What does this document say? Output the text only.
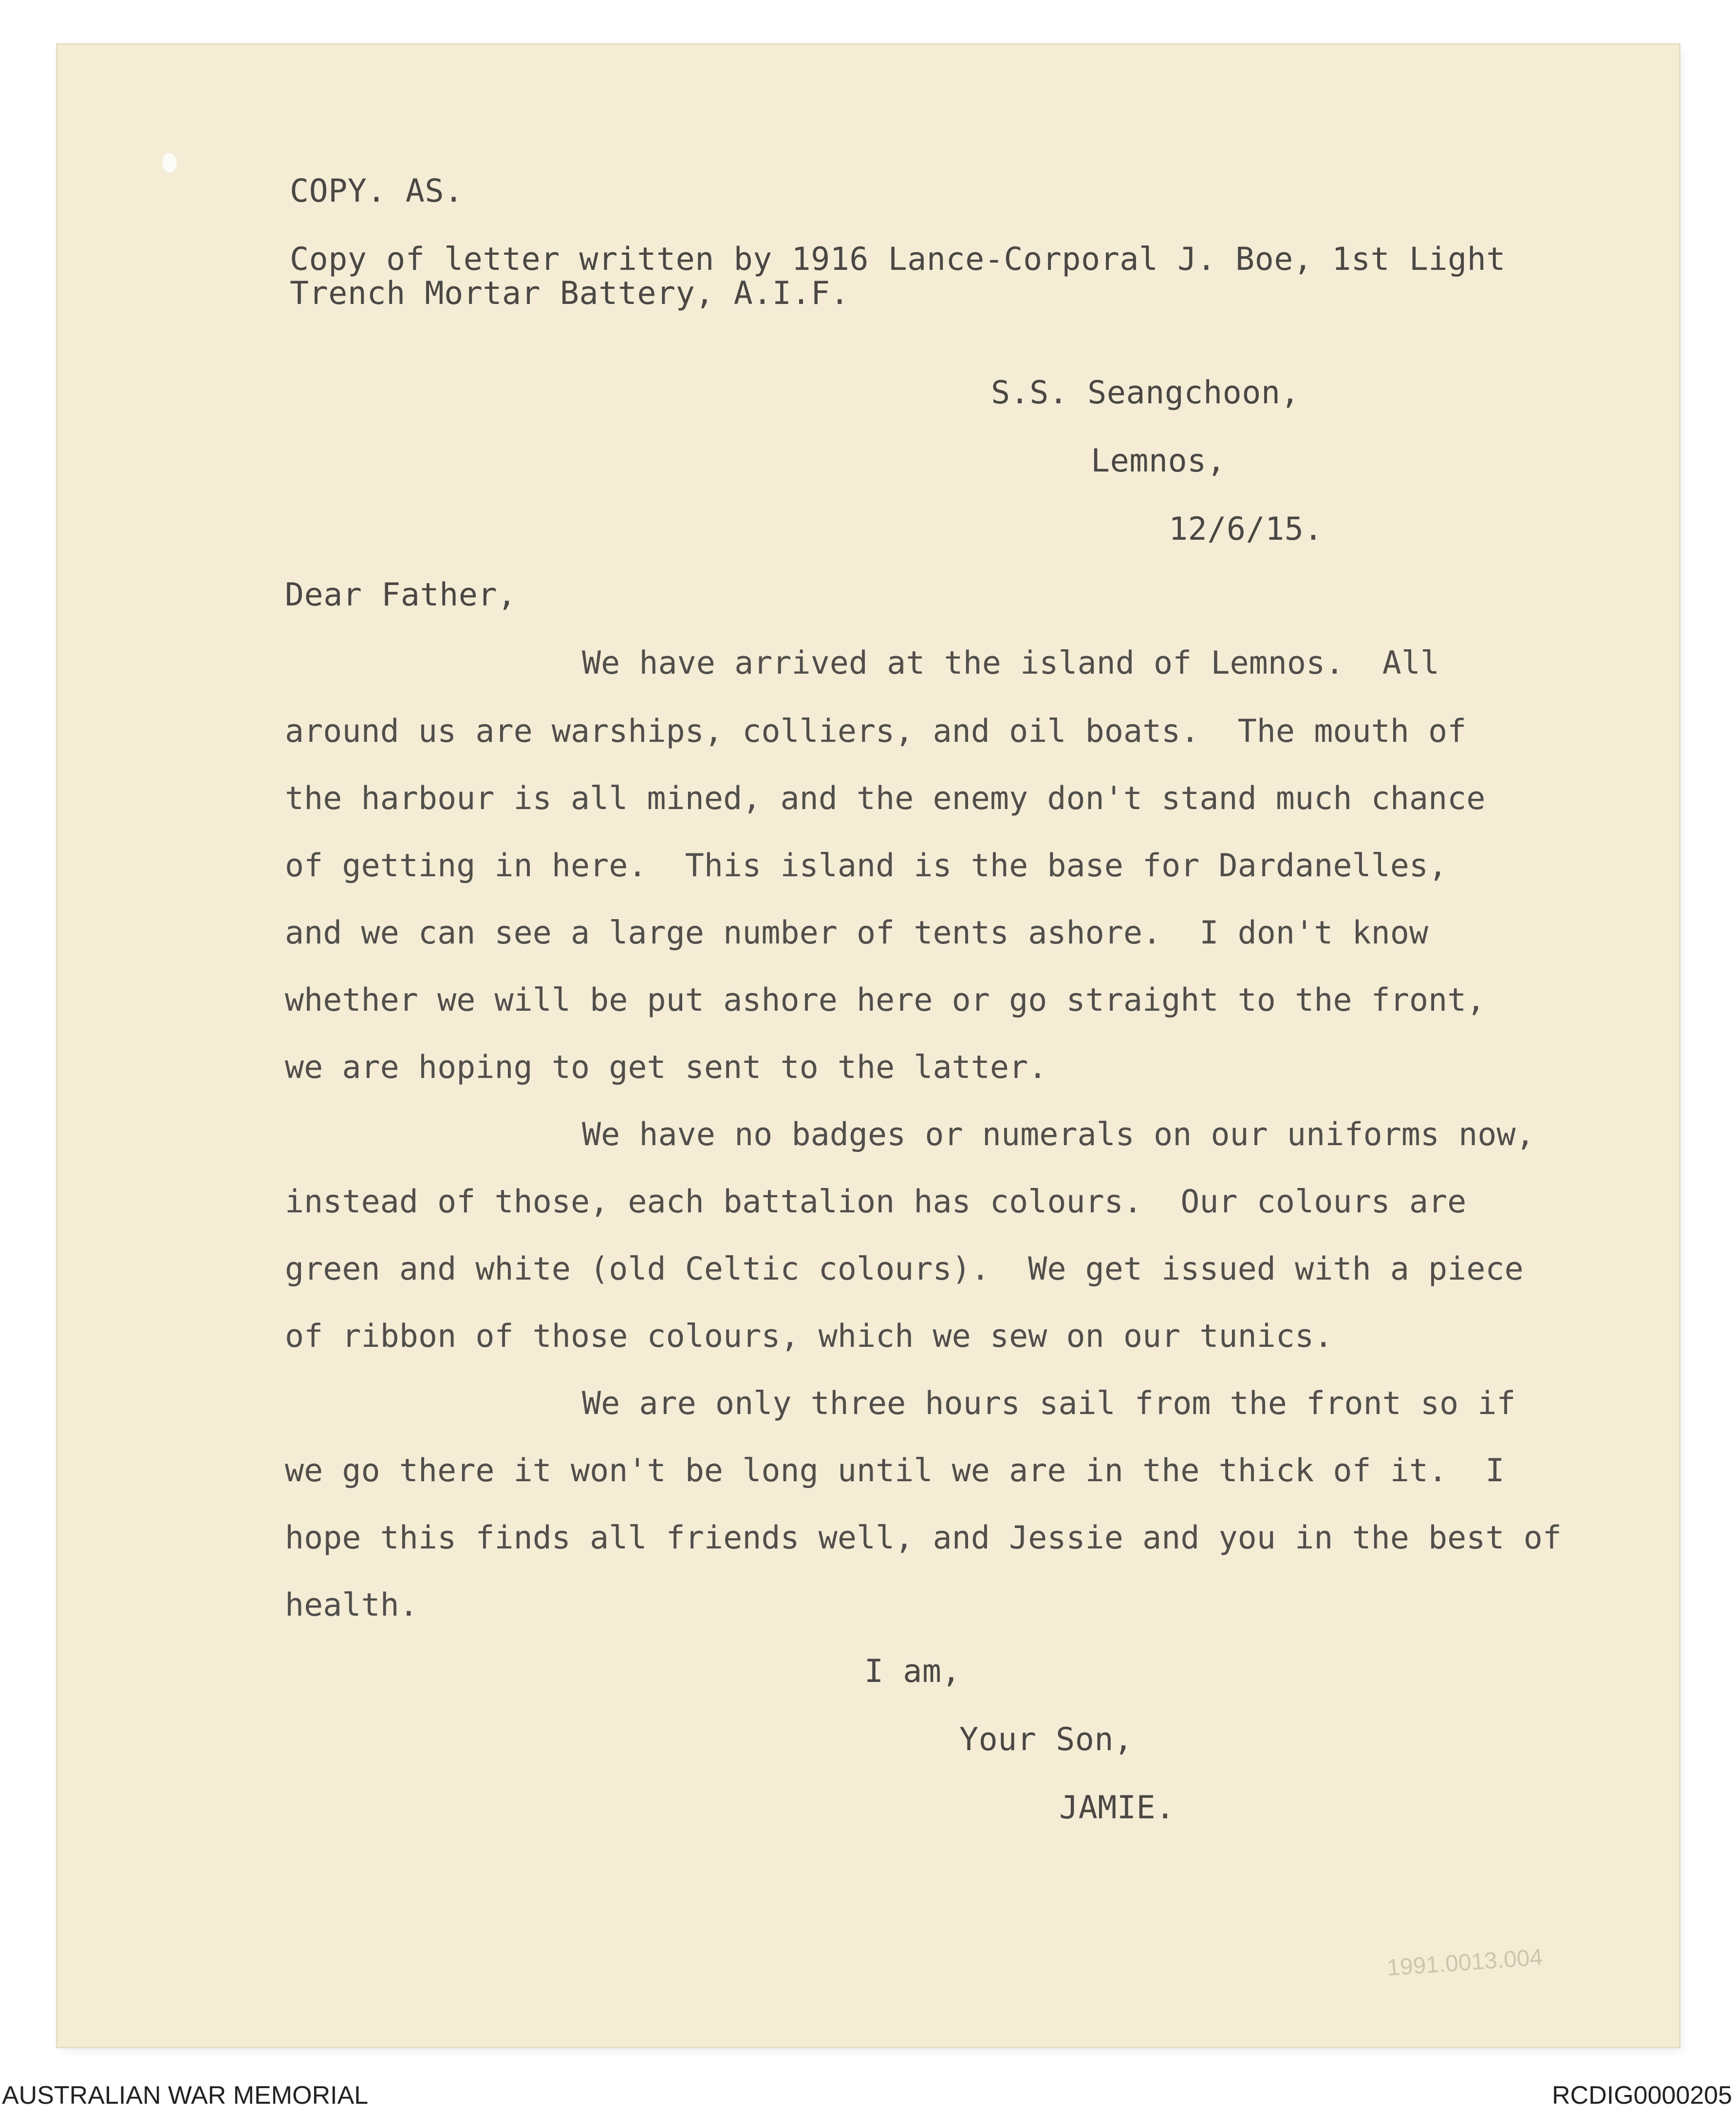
COPY. AS.
Copy of letter written by 1916 Lance-Corporal J. Boe, 1st Light
Trench Mortar Battery, A.I.F.
S.S. Seangchoon,
Lemnos,
12/6/15.
Dear Father,
We have arrived at the island of Lemnos.  All
around us are warships, colliers, and oil boats.  The mouth of
the harbour is all mined, and the enemy don't stand much chance
of getting in here.  This island is the base for Dardanelles,
and we can see a large number of tents ashore.  I don't know
whether we will be put ashore here or go straight to the front,
we are hoping to get sent to the latter.
We have no badges or numerals on our uniforms now,
instead of those, each battalion has colours.  Our colours are
green and white (old Celtic colours).  We get issued with a piece
of ribbon of those colours, which we sew on our tunics.
We are only three hours sail from the front so if
we go there it won't be long until we are in the thick of it.  I
hope this finds all friends well, and Jessie and you in the best of
health.
I am,
Your Son,
JAMIE.
1991.0013.004
AUSTRALIAN WAR MEMORIAL	RCDIG0000205
